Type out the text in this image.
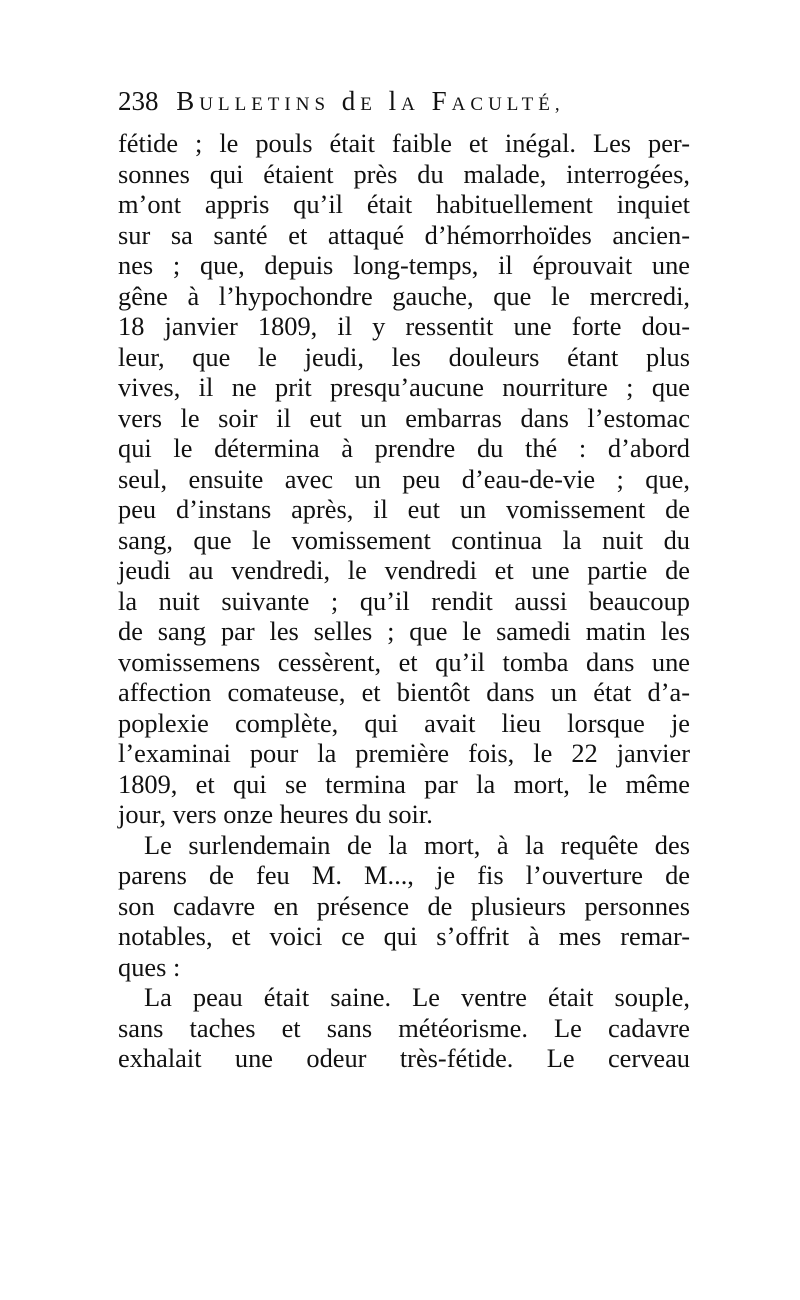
238 BULLETINS dE lA FACULTÉ,
fétide ; le pouls était faible et inégal. Les per-
sonnes qui étaient près du malade, interrogées,
m’ont appris qu’il était habituellement inquiet
sur sa santé et attaqué d’hémorrhoïdes ancien-
nes ; que, depuis long-temps, il éprouvait une
gêne à l’hypochondre gauche, que le mercredi,
18 janvier 1809, il y ressentit une forte dou-
leur, que le jeudi, les douleurs étant plus
vives, il ne prit presqu’aucune nourriture ; que
vers le soir il eut un embarras dans l’estomac
qui le détermina à prendre du thé : d’abord
seul, ensuite avec un peu d’eau-de-vie ; que,
peu d’instans après, il eut un vomissement de
sang, que le vomissement continua la nuit du
jeudi au vendredi, le vendredi et une partie de
la nuit suivante ; qu’il rendit aussi beaucoup
de sang par les selles ; que le samedi matin les
vomissemens cessèrent, et qu’il tomba dans une
affection comateuse, et bientôt dans un état d’a-
poplexie complète, qui avait lieu lorsque je
l’examinai pour la première fois, le 22 janvier
1809, et qui se termina par la mort, le même
jour, vers onze heures du soir.
Le surlendemain de la mort, à la requête des
parens de feu M. M..., je fis l’ouverture de
son cadavre en présence de plusieurs personnes
notables, et voici ce qui s’offrit à mes remar-
ques :
La peau était saine. Le ventre était souple,
sans taches et sans météorisme. Le cadavre
exhalait une odeur très-fétide. Le cerveau
